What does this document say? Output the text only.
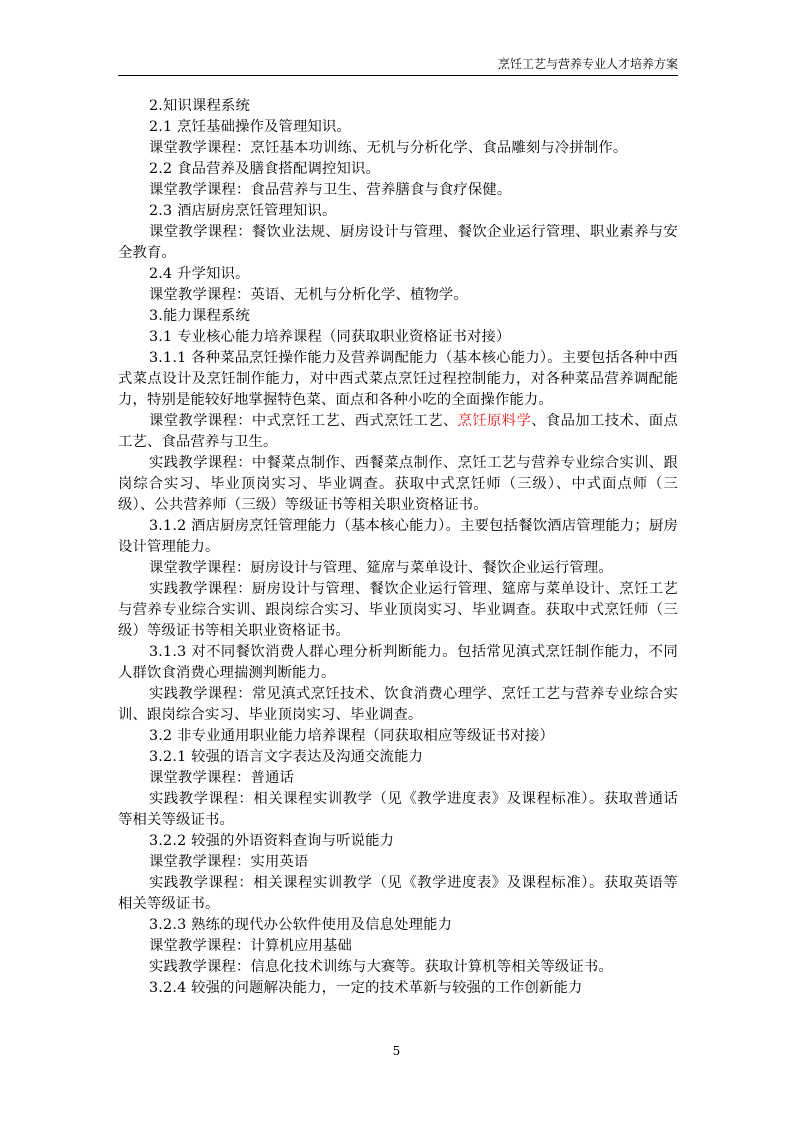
烹饪工艺与营养专业人才培养方案

2.知识课程系统

2.1 烹饪基础操作及管理知识。

课堂教学课程：烹饪基本功训练、无机与分析化学、食品雕刻与冷拼制作。

2.2 食品营养及膳食搭配调控知识。

课堂教学课程：食品营养与卫生、营养膳食与食疗保健。

2.3 酒店厨房烹饪管理知识。

课堂教学课程：餐饮业法规、厨房设计与管理、餐饮企业运行管理、职业素养与安全教育。

2.4 升学知识。

课堂教学课程：英语、无机与分析化学、植物学。

3.能力课程系统

3.1 专业核心能力培养课程（同获取职业资格证书对接）

3.1.1 各种菜品烹饪操作能力及营养调配能力（基本核心能力）。主要包括各种中西式菜点设计及烹饪制作能力，对中西式菜点烹饪过程控制能力，对各种菜品营养调配能力，特别是能较好地掌握特色菜、面点和各种小吃的全面操作能力。

课堂教学课程：中式烹饪工艺、西式烹饪工艺、烹饪原料学、食品加工技术、面点工艺、食品营养与卫生。

实践教学课程：中餐菜点制作、西餐菜点制作、烹饪工艺与营养专业综合实训、跟岗综合实习、毕业顶岗实习、毕业调查。获取中式烹饪师（三级）、中式面点师（三级）、公共营养师（三级）等级证书等相关职业资格证书。

3.1.2 酒店厨房烹饪管理能力（基本核心能力）。主要包括餐饮酒店管理能力；厨房设计管理能力。

课堂教学课程：厨房设计与管理、筵席与菜单设计、餐饮企业运行管理。

实践教学课程：厨房设计与管理、餐饮企业运行管理、筵席与菜单设计、烹饪工艺与营养专业综合实训、跟岗综合实习、毕业顶岗实习、毕业调查。获取中式烹饪师（三级）等级证书等相关职业资格证书。

3.1.3 对不同餐饮消费人群心理分析判断能力。包括常见滇式烹饪制作能力，不同人群饮食消费心理揣测判断能力。

实践教学课程：常见滇式烹饪技术、饮食消费心理学、烹饪工艺与营养专业综合实训、跟岗综合实习、毕业顶岗实习、毕业调查。

3.2 非专业通用职业能力培养课程（同获取相应等级证书对接）

3.2.1 较强的语言文字表达及沟通交流能力

课堂教学课程：普通话

实践教学课程：相关课程实训教学（见《教学进度表》及课程标准）。获取普通话等相关等级证书。

3.2.2 较强的外语资料查询与听说能力

课堂教学课程：实用英语

实践教学课程：相关课程实训教学（见《教学进度表》及课程标准）。获取英语等相关等级证书。

3.2.3 熟练的现代办公软件使用及信息处理能力

课堂教学课程：计算机应用基础

实践教学课程：信息化技术训练与大赛等。获取计算机等相关等级证书。

3.2.4 较强的问题解决能力，一定的技术革新与较强的工作创新能力

5
